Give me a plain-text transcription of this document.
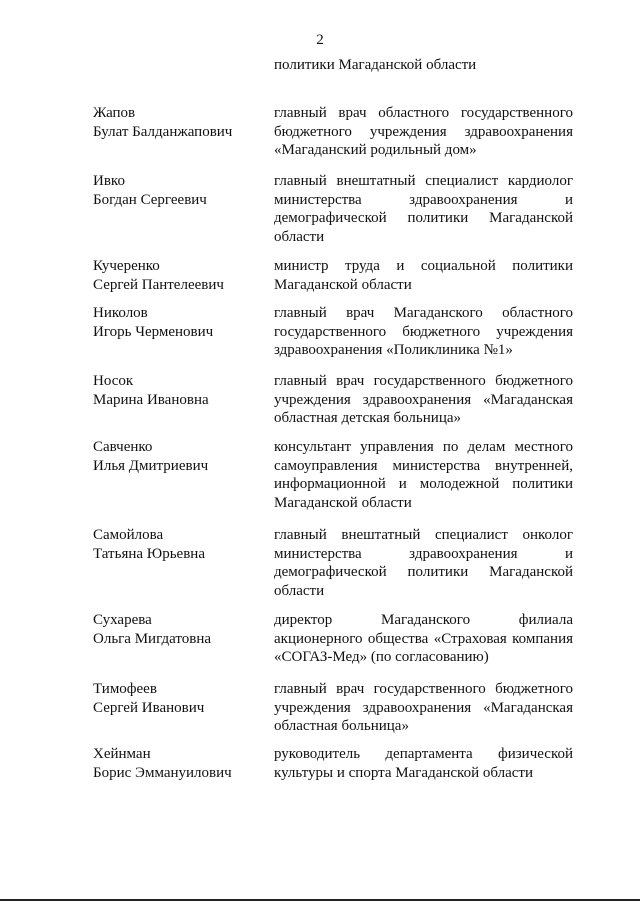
2
политики Магаданской области
Жапов
Булат Балданжапович
главный врач областного государственного бюджетного учреждения здравоохранения «Магаданский родильный дом»
Ивко
Богдан Сергеевич
главный внештатный специалист кардиолог министерства здравоохранения и демографической политики Магаданской области
Кучеренко
Сергей Пантелеевич
министр труда и социальной политики Магаданской области
Николов
Игорь Черменович
главный врач Магаданского областного государственного бюджетного учреждения здравоохранения «Поликлиника №1»
Носок
Марина Ивановна
главный врач государственного бюджетного учреждения здравоохранения «Магаданская областная детская больница»
Савченко
Илья Дмитриевич
консультант управления по делам местного самоуправления министерства внутренней, информационной и молодежной политики Магаданской области
Самойлова
Татьяна Юрьевна
главный внештатный специалист онколог министерства здравоохранения и демографической политики Магаданской области
Сухарева
Ольга Мигдатовна
директор Магаданского филиала акционерного общества «Страховая компания «СОГАЗ-Мед» (по согласованию)
Тимофеев
Сергей Иванович
главный врач государственного бюджетного учреждения здравоохранения «Магаданская областная больница»
Хейнман
Борис Эммануилович
руководитель департамента физической культуры и спорта Магаданской области
